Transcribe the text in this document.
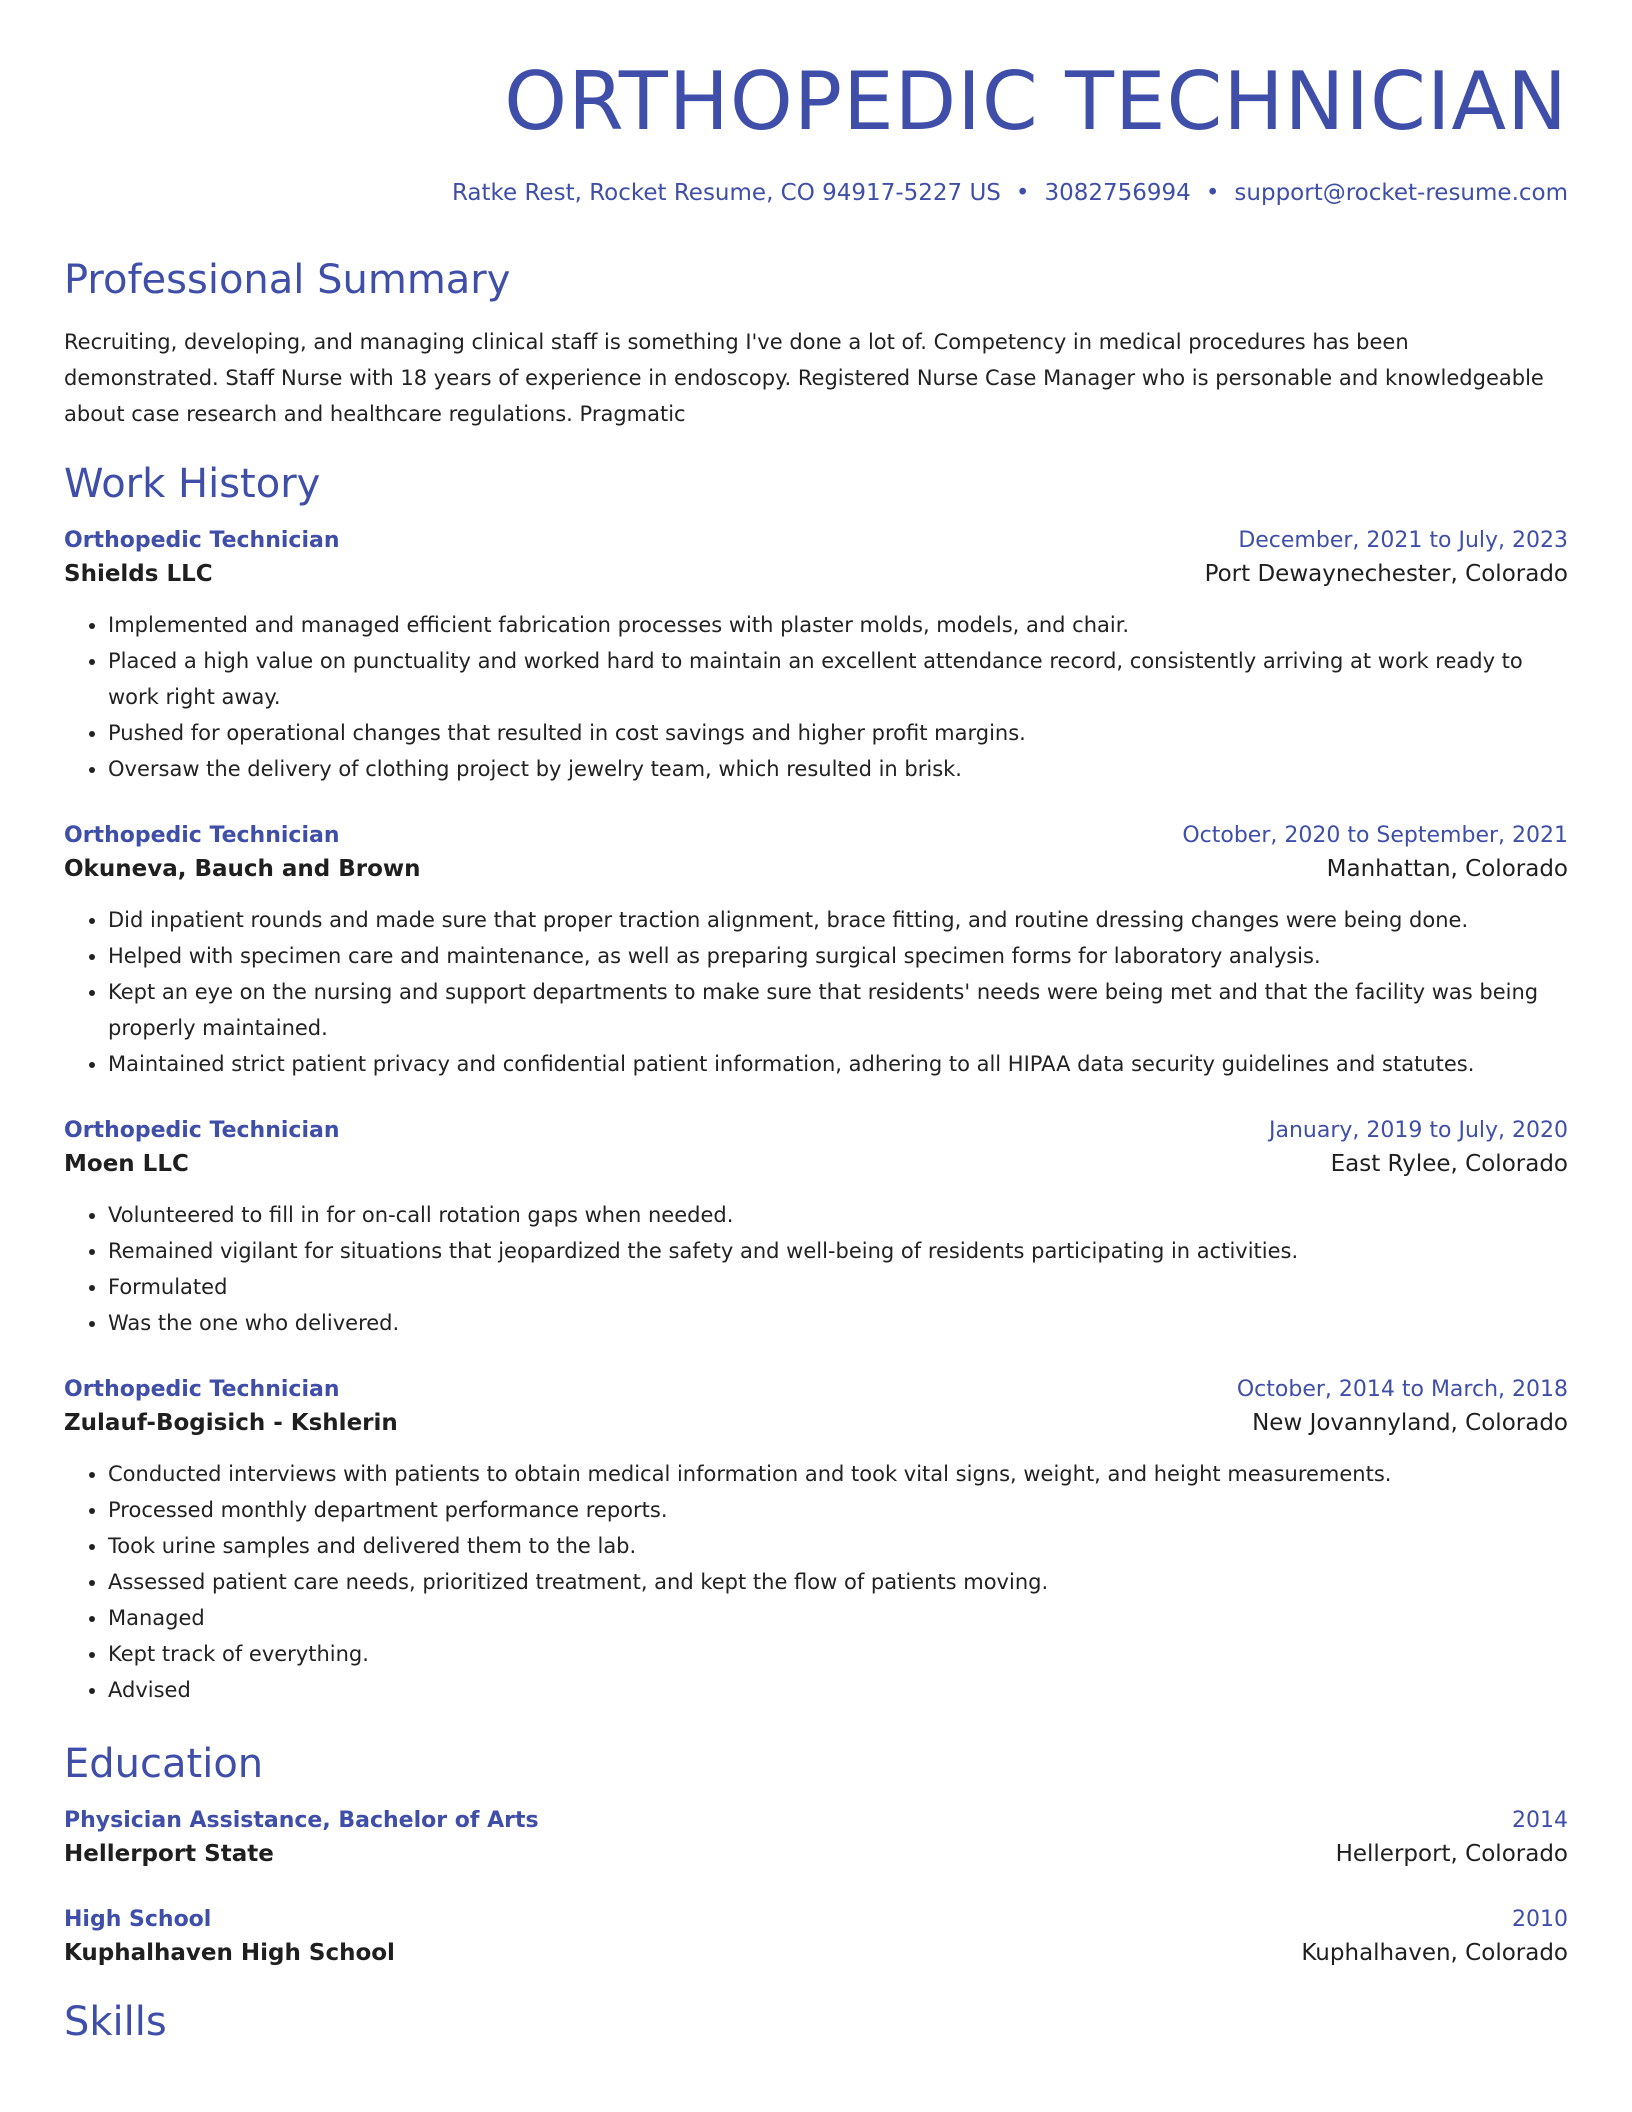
ORTHOPEDIC TECHNICIAN
Ratke Rest, Rocket Resume, CO 94917-5227 US • 3082756994 • support@rocket-resume.com
Professional Summary

Recruiting, developing, and managing clinical staff is something I've done a lot of. Competency in medical procedures has been demonstrated. Staff Nurse with 18 years of experience in endoscopy. Registered Nurse Case Manager who is personable and knowledgeable about case research and healthcare regulations. Pragmatic

Work History
Orthopedic Technician	December, 2021 to July, 2023
Shields LLC	Port Dewaynechester, Colorado
• Implemented and managed efficient fabrication processes with plaster molds, models, and chair.
• Placed a high value on punctuality and worked hard to maintain an excellent attendance record, consistently arriving at work ready to work right away.
• Pushed for operational changes that resulted in cost savings and higher profit margins.
• Oversaw the delivery of clothing project by jewelry team, which resulted in brisk.
Orthopedic Technician	October, 2020 to September, 2021
Okuneva, Bauch and Brown	Manhattan, Colorado
• Did inpatient rounds and made sure that proper traction alignment, brace fitting, and routine dressing changes were being done.
• Helped with specimen care and maintenance, as well as preparing surgical specimen forms for laboratory analysis.
• Kept an eye on the nursing and support departments to make sure that residents' needs were being met and that the facility was being properly maintained.
• Maintained strict patient privacy and confidential patient information, adhering to all HIPAA data security guidelines and statutes.
Orthopedic Technician	January, 2019 to July, 2020
Moen LLC	East Rylee, Colorado
• Volunteered to fill in for on-call rotation gaps when needed.
• Remained vigilant for situations that jeopardized the safety and well-being of residents participating in activities.
• Formulated
• Was the one who delivered.
Orthopedic Technician	October, 2014 to March, 2018
Zulauf-Bogisich - Kshlerin	New Jovannyland, Colorado
• Conducted interviews with patients to obtain medical information and took vital signs, weight, and height measurements.
• Processed monthly department performance reports.
• Took urine samples and delivered them to the lab.
• Assessed patient care needs, prioritized treatment, and kept the flow of patients moving.
• Managed
• Kept track of everything.
• Advised
Education
Physician Assistance, Bachelor of Arts	2014
Hellerport State	Hellerport, Colorado
High School	2010
Kuphalhaven High School	Kuphalhaven, Colorado
Skills
